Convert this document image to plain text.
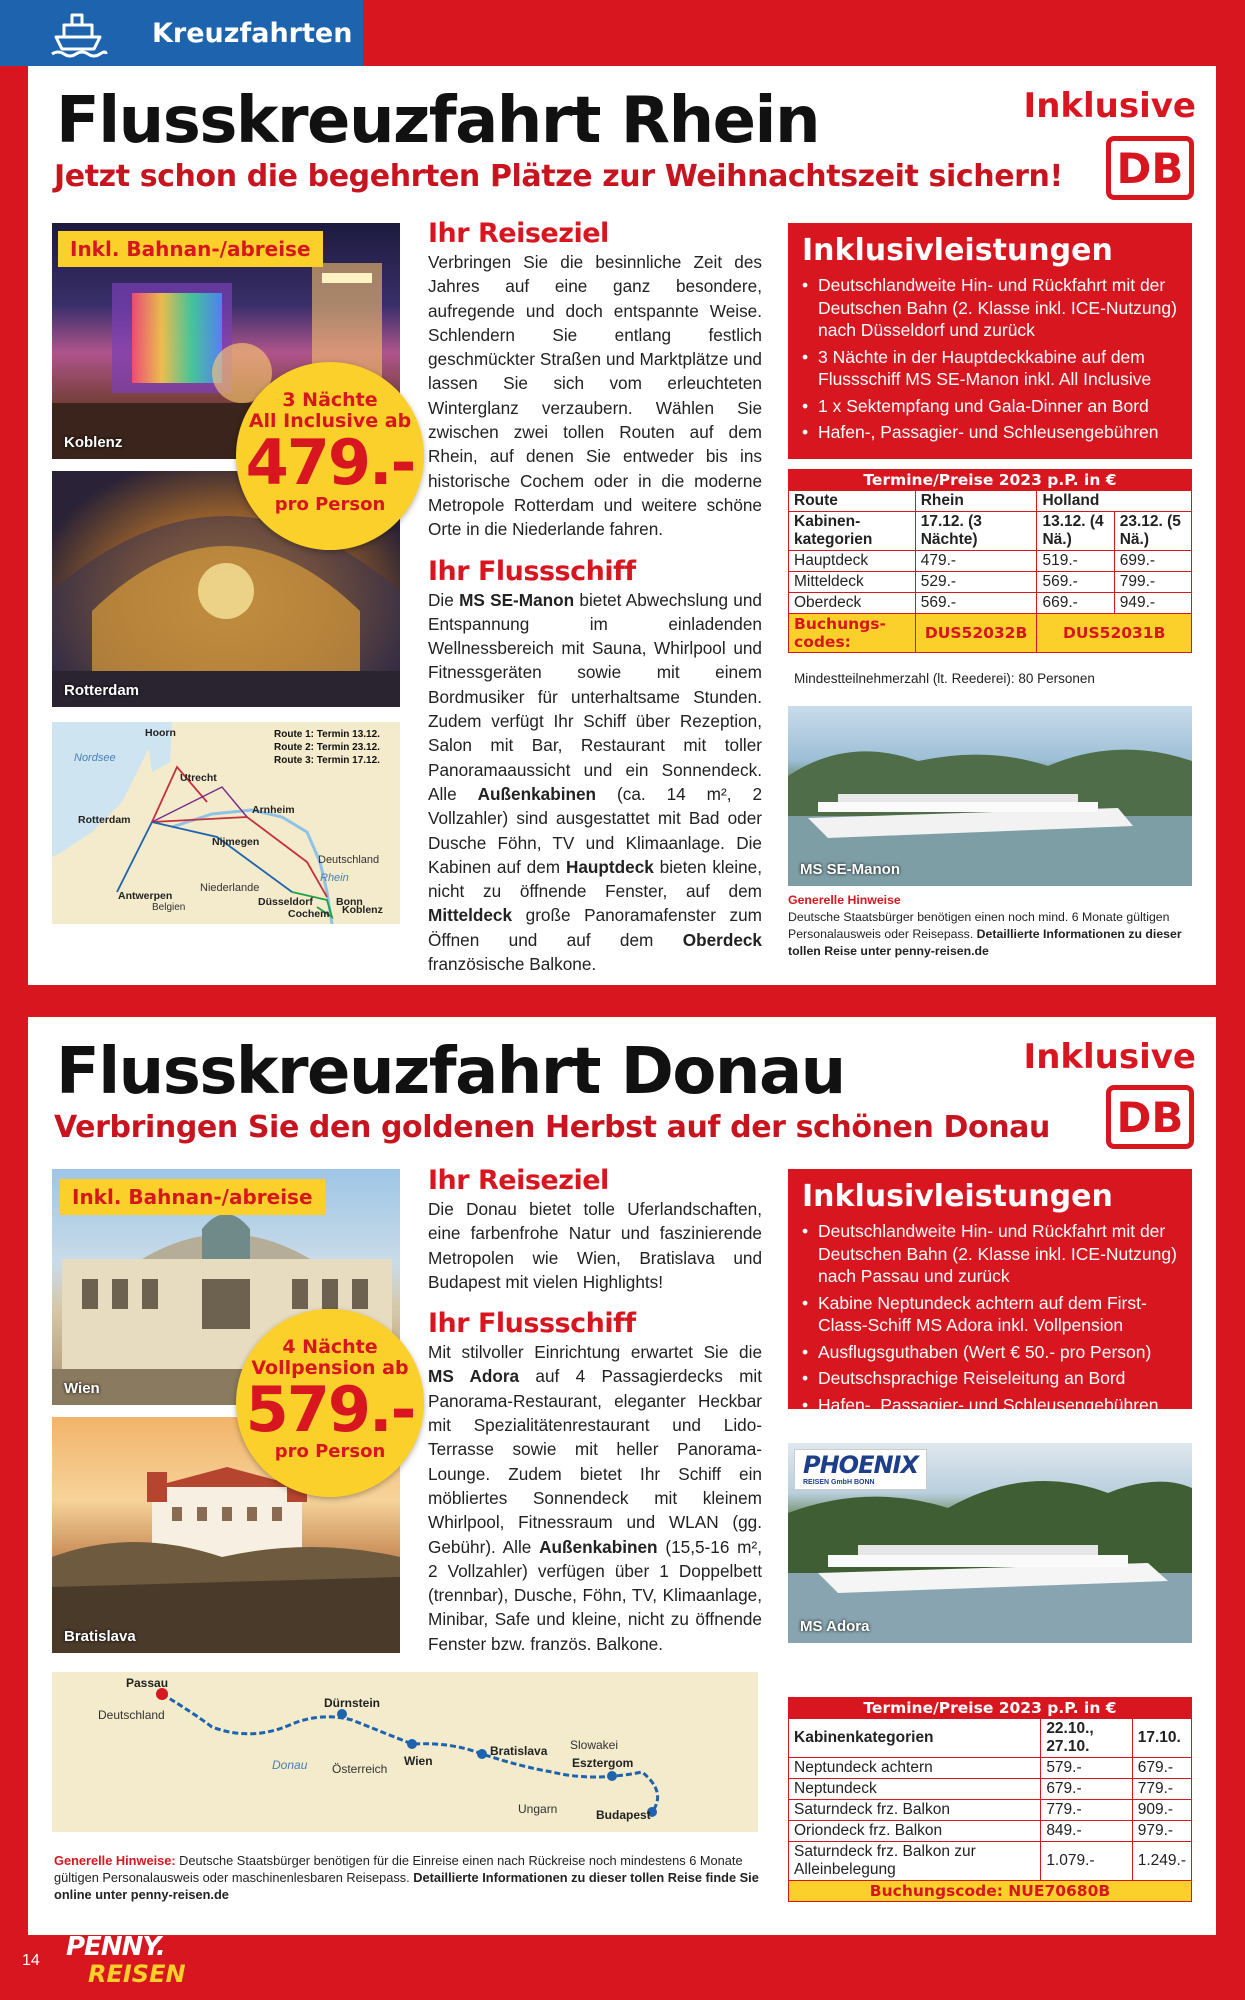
Kreuzfahrten
Flusskreuzfahrt Rhein
Jetzt schon die begehrten Plätze zur Weihnachtszeit sichern!
Inklusive
DB
Koblenz
Inkl. Bahnan-/abreise
Rotterdam
3 Nächte
All Inclusive ab
479.-
pro Person
Route 1: Termin 13.12.
Route 2: Termin 23.12.
Route 3: Termin 17.12.
Nordsee
Rhein
Deutschland
Niederlande
Belgien
Hoorn
Utrecht
Rotterdam
Arnheim
Nijmegen
Antwerpen	Düsseldorf Bonn
Koblenz
Cochem
Ihr Reiseziel

Verbringen Sie die besinnliche Zeit des Jahres auf eine ganz besondere, aufregende und doch entspannte Weise. Schlendern Sie entlang festlich geschmückter Straßen und Marktplätze und lassen Sie sich vom erleuchteten Winterglanz verzaubern. Wählen Sie zwischen zwei tollen Routen auf dem Rhein, auf denen Sie entweder bis ins historische Cochem oder in die moderne Metropole Rotterdam und weitere schöne Orte in die Niederlande fahren.

Ihr Flussschiff

Die MS SE-Manon bietet Abwechslung und Entspannung im einladenden Wellnessbereich mit Sauna, Whirlpool und Fitnessgeräten sowie mit einem Bordmusiker für unterhaltsame Stunden. Zudem verfügt Ihr Schiff über Rezeption, Salon mit Bar, Restaurant mit toller Panoramaaussicht und ein Sonnendeck. Alle Außenkabinen (ca. 14 m², 2 Vollzahler) sind ausgestattet mit Bad oder Dusche Föhn, TV und Klimaanlage. Die Kabinen auf dem Hauptdeck bieten kleine, nicht zu öffnende Fenster, auf dem Mitteldeck große Panoramafenster zum Öffnen und auf dem Oberdeck französische Balkone.

Inklusivleistungen
• Deutschlandweite Hin- und Rückfahrt mit der Deutschen Bahn (2. Klasse inkl. ICE-Nutzung) nach Düsseldorf und zurück
• 3 Nächte in der Hauptdeckkabine auf dem Flussschiff MS SE-Manon inkl. All Inclusive
• 1 x Sektempfang und Gala-Dinner an Bord
• Hafen-, Passagier- und Schleusengebühren
Termine/Preise 2023 p.P. in €			
Route	Rhein	Holland	
Kabinen-kategorien	17.12. (3 Nächte)	13.12. (4 Nä.)	23.12. (5 Nä.)
Hauptdeck	479.-	519.-	699.-
Mitteldeck	529.-	569.-	799.-
Oberdeck	569.-	669.-	949.-
Buchungs-codes:	DUS52032B	DUS52031B	
Mindestteilnehmerzahl (lt. Reederei): 80 Personen
MS SE-Manon
Generelle Hinweise
Deutsche Staatsbürger benötigen einen noch mind. 6 Monate gültigen Personalausweis oder Reisepass. Detaillierte Informationen zu dieser tollen Reise unter penny-reisen.de
Flusskreuzfahrt Donau
Verbringen Sie den goldenen Herbst auf der schönen Donau
Inklusive
DB
Wien
Inkl. Bahnan-/abreise
Bratislava
4 Nächte
Vollpension ab
579.-
pro Person
Ihr Reiseziel

Die Donau bietet tolle Uferlandschaften, eine farbenfrohe Natur und faszinierende Metropolen wie Wien, Bratislava und Budapest mit vielen Highlights!

Ihr Flussschiff

Mit stilvoller Einrichtung erwartet Sie die MS Adora auf 4 Passagierdecks mit Panorama-Restaurant, eleganter Heckbar mit Spezialitätenrestaurant und Lido-Terrasse sowie mit heller Panorama-Lounge. Zudem bietet Ihr Schiff ein möbliertes Sonnendeck mit kleinem Whirlpool, Fitnessraum und WLAN (gg. Gebühr). Alle Außenkabinen (15,5-16 m², 2 Vollzahler) verfügen über 1 Doppelbett (trennbar), Dusche, Föhn, TV, Klimaanlage, Minibar, Safe und kleine, nicht zu öffnende Fenster bzw. französ. Balkone.

Passau
Dürnstein
Wien
Bratislava
Esztergom
Budapest
Deutschland
Donau Österreich
Slowakei
Ungarn
Generelle Hinweise: Deutsche Staatsbürger benötigen für die Einreise einen nach Rückreise noch mindestens 6 Monate gültigen Personalausweis oder maschinenlesbaren Reisepass. Detaillierte Informationen zu dieser tollen Reise finde Sie online unter penny-reisen.de
Inklusivleistungen
• Deutschlandweite Hin- und Rückfahrt mit der Deutschen Bahn (2. Klasse inkl. ICE-Nutzung) nach Passau und zurück
• Kabine Neptundeck achtern auf dem First-Class-Schiff MS Adora inkl. Vollpension
• Ausflugsguthaben (Wert € 50.- pro Person)
• Deutschsprachige Reiseleitung an Bord
• Hafen-, Passagier- und Schleusengebühren
PHOENIX
REISEN GmbH BONN
MS Adora
Termine/Preise 2023 p.P. in €		
Kabinenkategorien	22.10., 27.10.	17.10.
Neptundeck achtern	579.-	679.-
Neptundeck	679.-	779.-
Saturndeck frz. Balkon	779.-	909.-
Oriondeck frz. Balkon	849.-	979.-
Saturndeck frz. Balkon zur Alleinbelegung	1.079.-	1.249.-
Buchungscode: NUE70680B		
14 PENNY.
REISEN
